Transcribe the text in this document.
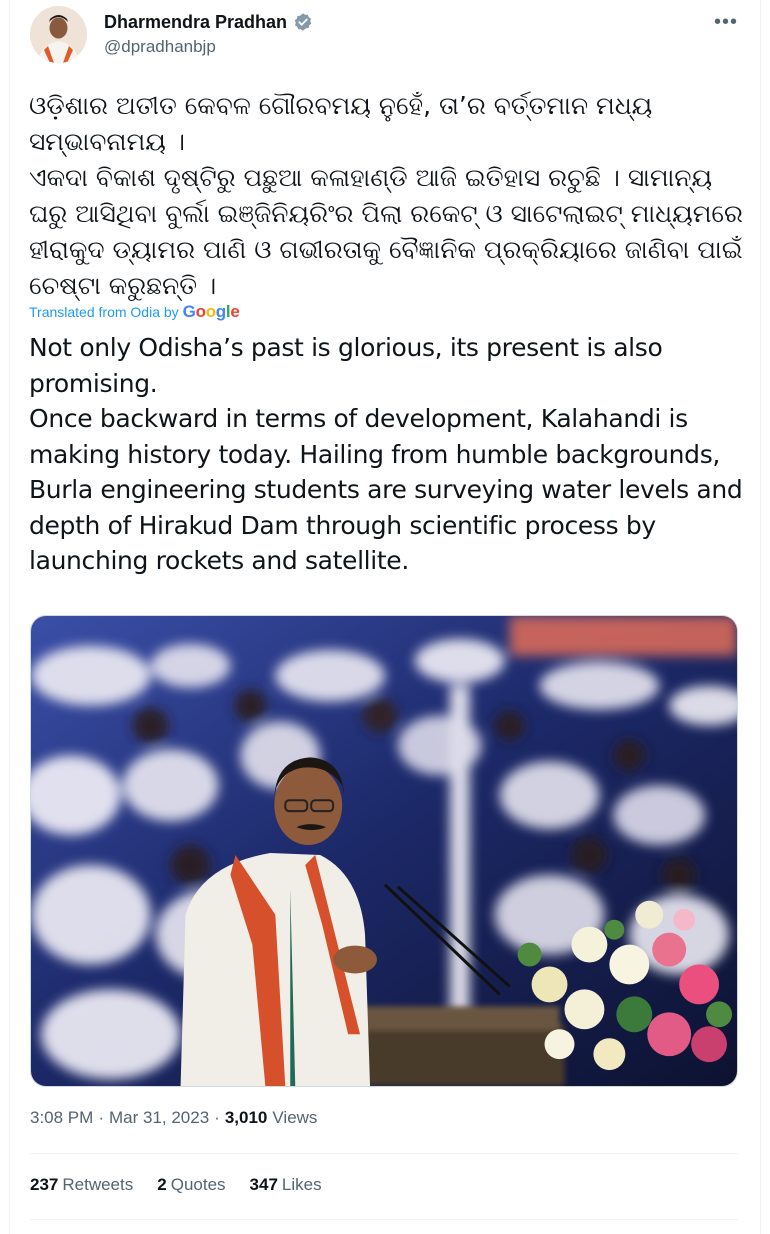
Dharmendra Pradhan
@dpradhanbjp
•••
ଓଡ଼ିଶାର ଅତୀତ କେବଳ ଗୌରବମୟ ନୁହେଁ, ତା’ର ବର୍ତ୍ତମାନ ମଧ୍ୟ ସମ୍ଭାବନାମୟ ।
ଏକଦା ବିକାଶ ଦୃଷ୍ଟିରୁ ପଛୁଆ କଳାହାଣ୍ଡି ଆଜି ଇତିହାସ ରଚୁଛି । ସାମାନ୍ୟ ଘରୁ ଆସିଥିବା ବୁର୍ଲା ଇଞ୍ଜିନିୟରିଂର ପିଲା ରକେଟ୍ ଓ ସାଟେଲାଇଟ୍ ମାଧ୍ୟମରେ ହୀରାକୁଦ ଡ୍ୟାମର ପାଣି ଓ ଗଭୀରତାକୁ ବୈଜ୍ଞାନିକ ପ୍ରକ୍ରିୟାରେ ଜାଣିବା ପାଇଁ ଚେଷ୍ଟା କରୁଛନ୍ତି ।
Translated from Odia by Google
Not only Odisha’s past is glorious, its present is also promising.
Once backward in terms of development, Kalahandi is making history today. Hailing from humble backgrounds, Burla engineering students are surveying water levels and depth of Hirakud Dam through scientific process by launching rockets and satellite.
3:08 PM · Mar 31, 2023 · 3,010 Views
237 Retweets 2 Quotes 347 Likes
